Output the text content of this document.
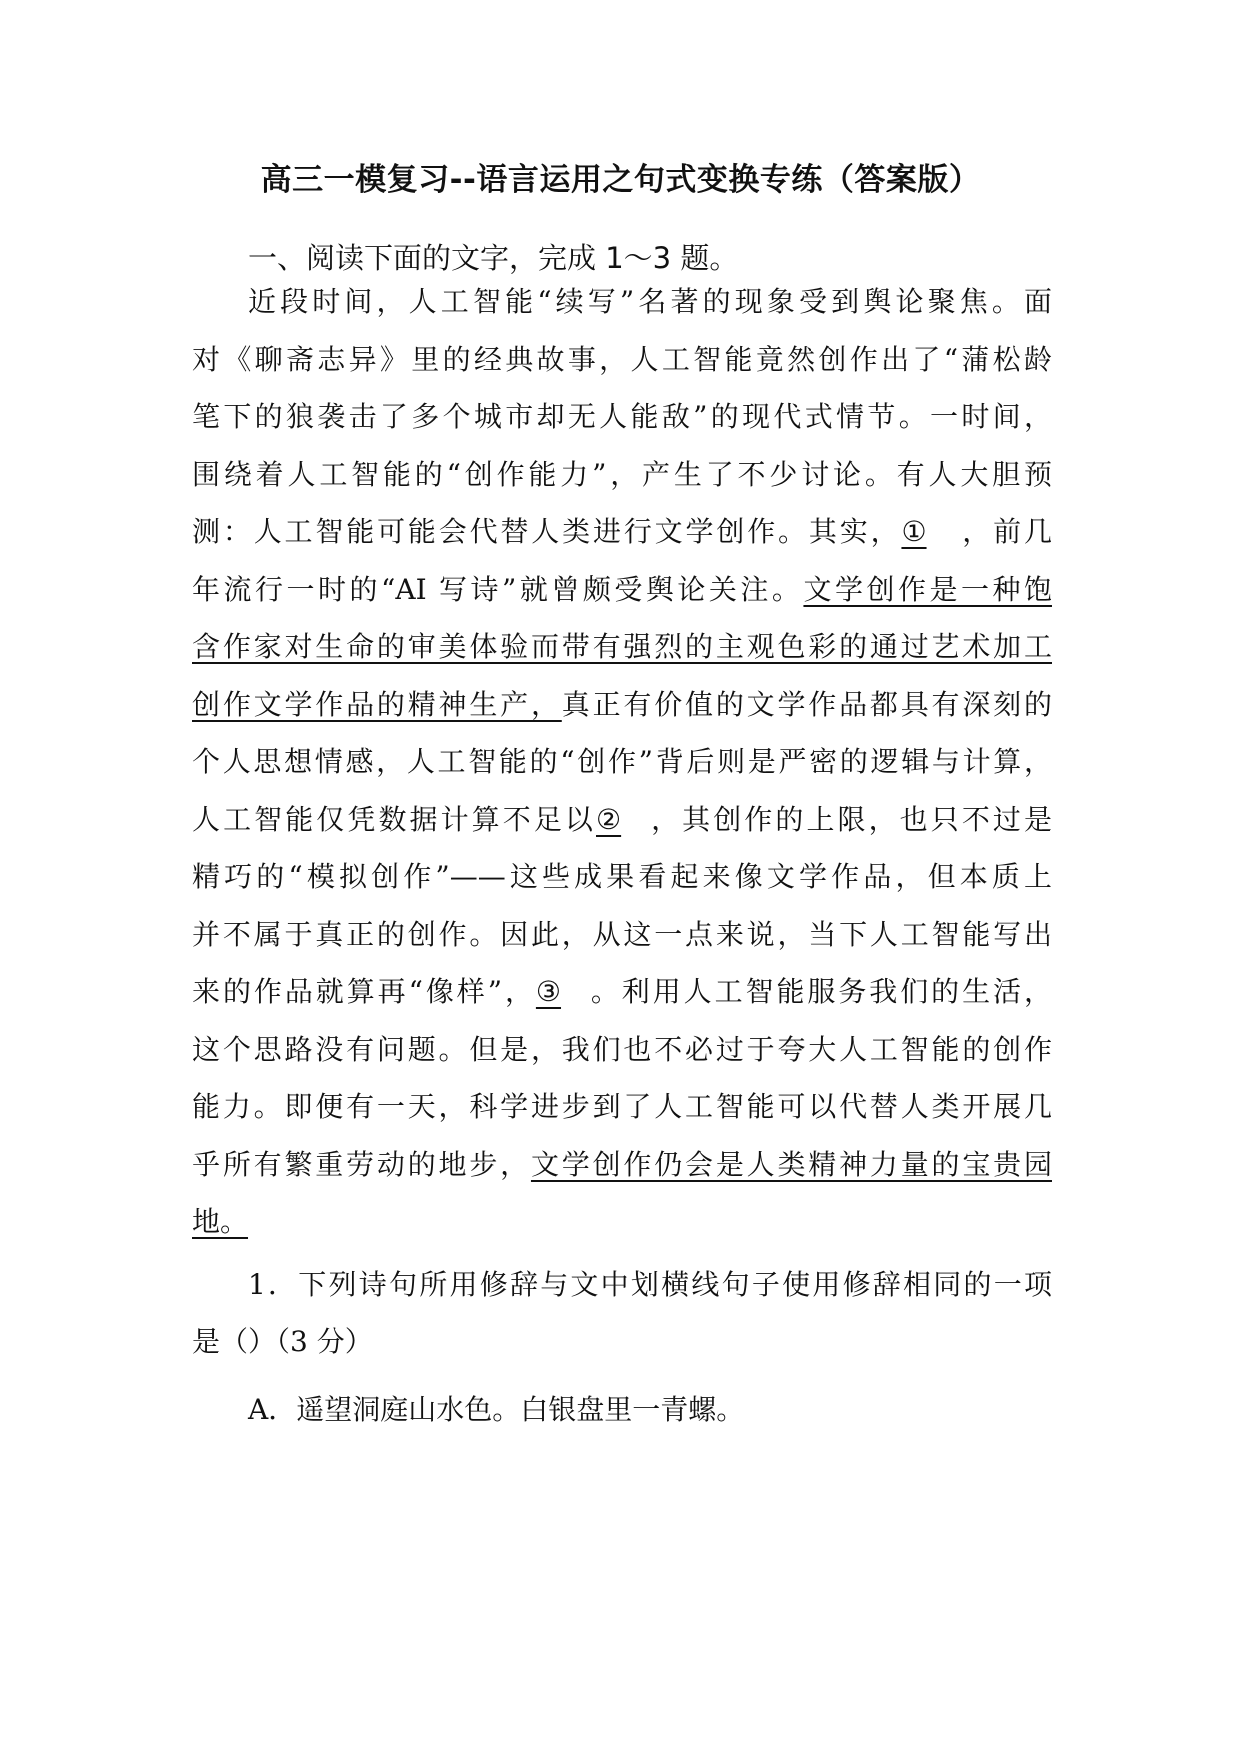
高三一模复习--语言运用之句式变换专练（答案版）
一、阅读下面的文字，完成 1～3 题。
近段时间，人工智能“续写”名著的现象受到舆论聚焦。面
对《聊斋志异》里的经典故事，人工智能竟然创作出了“蒲松龄
笔下的狼袭击了多个城市却无人能敌”的现代式情节。一时间，
围绕着人工智能的“创作能力”，产生了不少讨论。有人大胆预
测：人工智能可能会代替人类进行文学创作。其实，① ，前几
年流行一时的“AI 写诗”就曾颇受舆论关注。文学创作是一种饱
含作家对生命的审美体验而带有强烈的主观色彩的通过艺术加工
创作文学作品的精神生产，真正有价值的文学作品都具有深刻的
个人思想情感，人工智能的“创作”背后则是严密的逻辑与计算，
人工智能仅凭数据计算不足以② ，其创作的上限，也只不过是
精巧的“模拟创作”——这些成果看起来像文学作品，但本质上
并不属于真正的创作。因此，从这一点来说，当下人工智能写出
来的作品就算再“像样”，③ 。利用人工智能服务我们的生活，
这个思路没有问题。但是，我们也不必过于夸大人工智能的创作
能力。即便有一天，科学进步到了人工智能可以代替人类开展几
乎所有繁重劳动的地步，文学创作仍会是人类精神力量的宝贵园
地。
1．下列诗句所用修辞与文中划横线句子使用修辞相同的一项
是（）（3 分）
A．遥望洞庭山水色。白银盘里一青螺。
